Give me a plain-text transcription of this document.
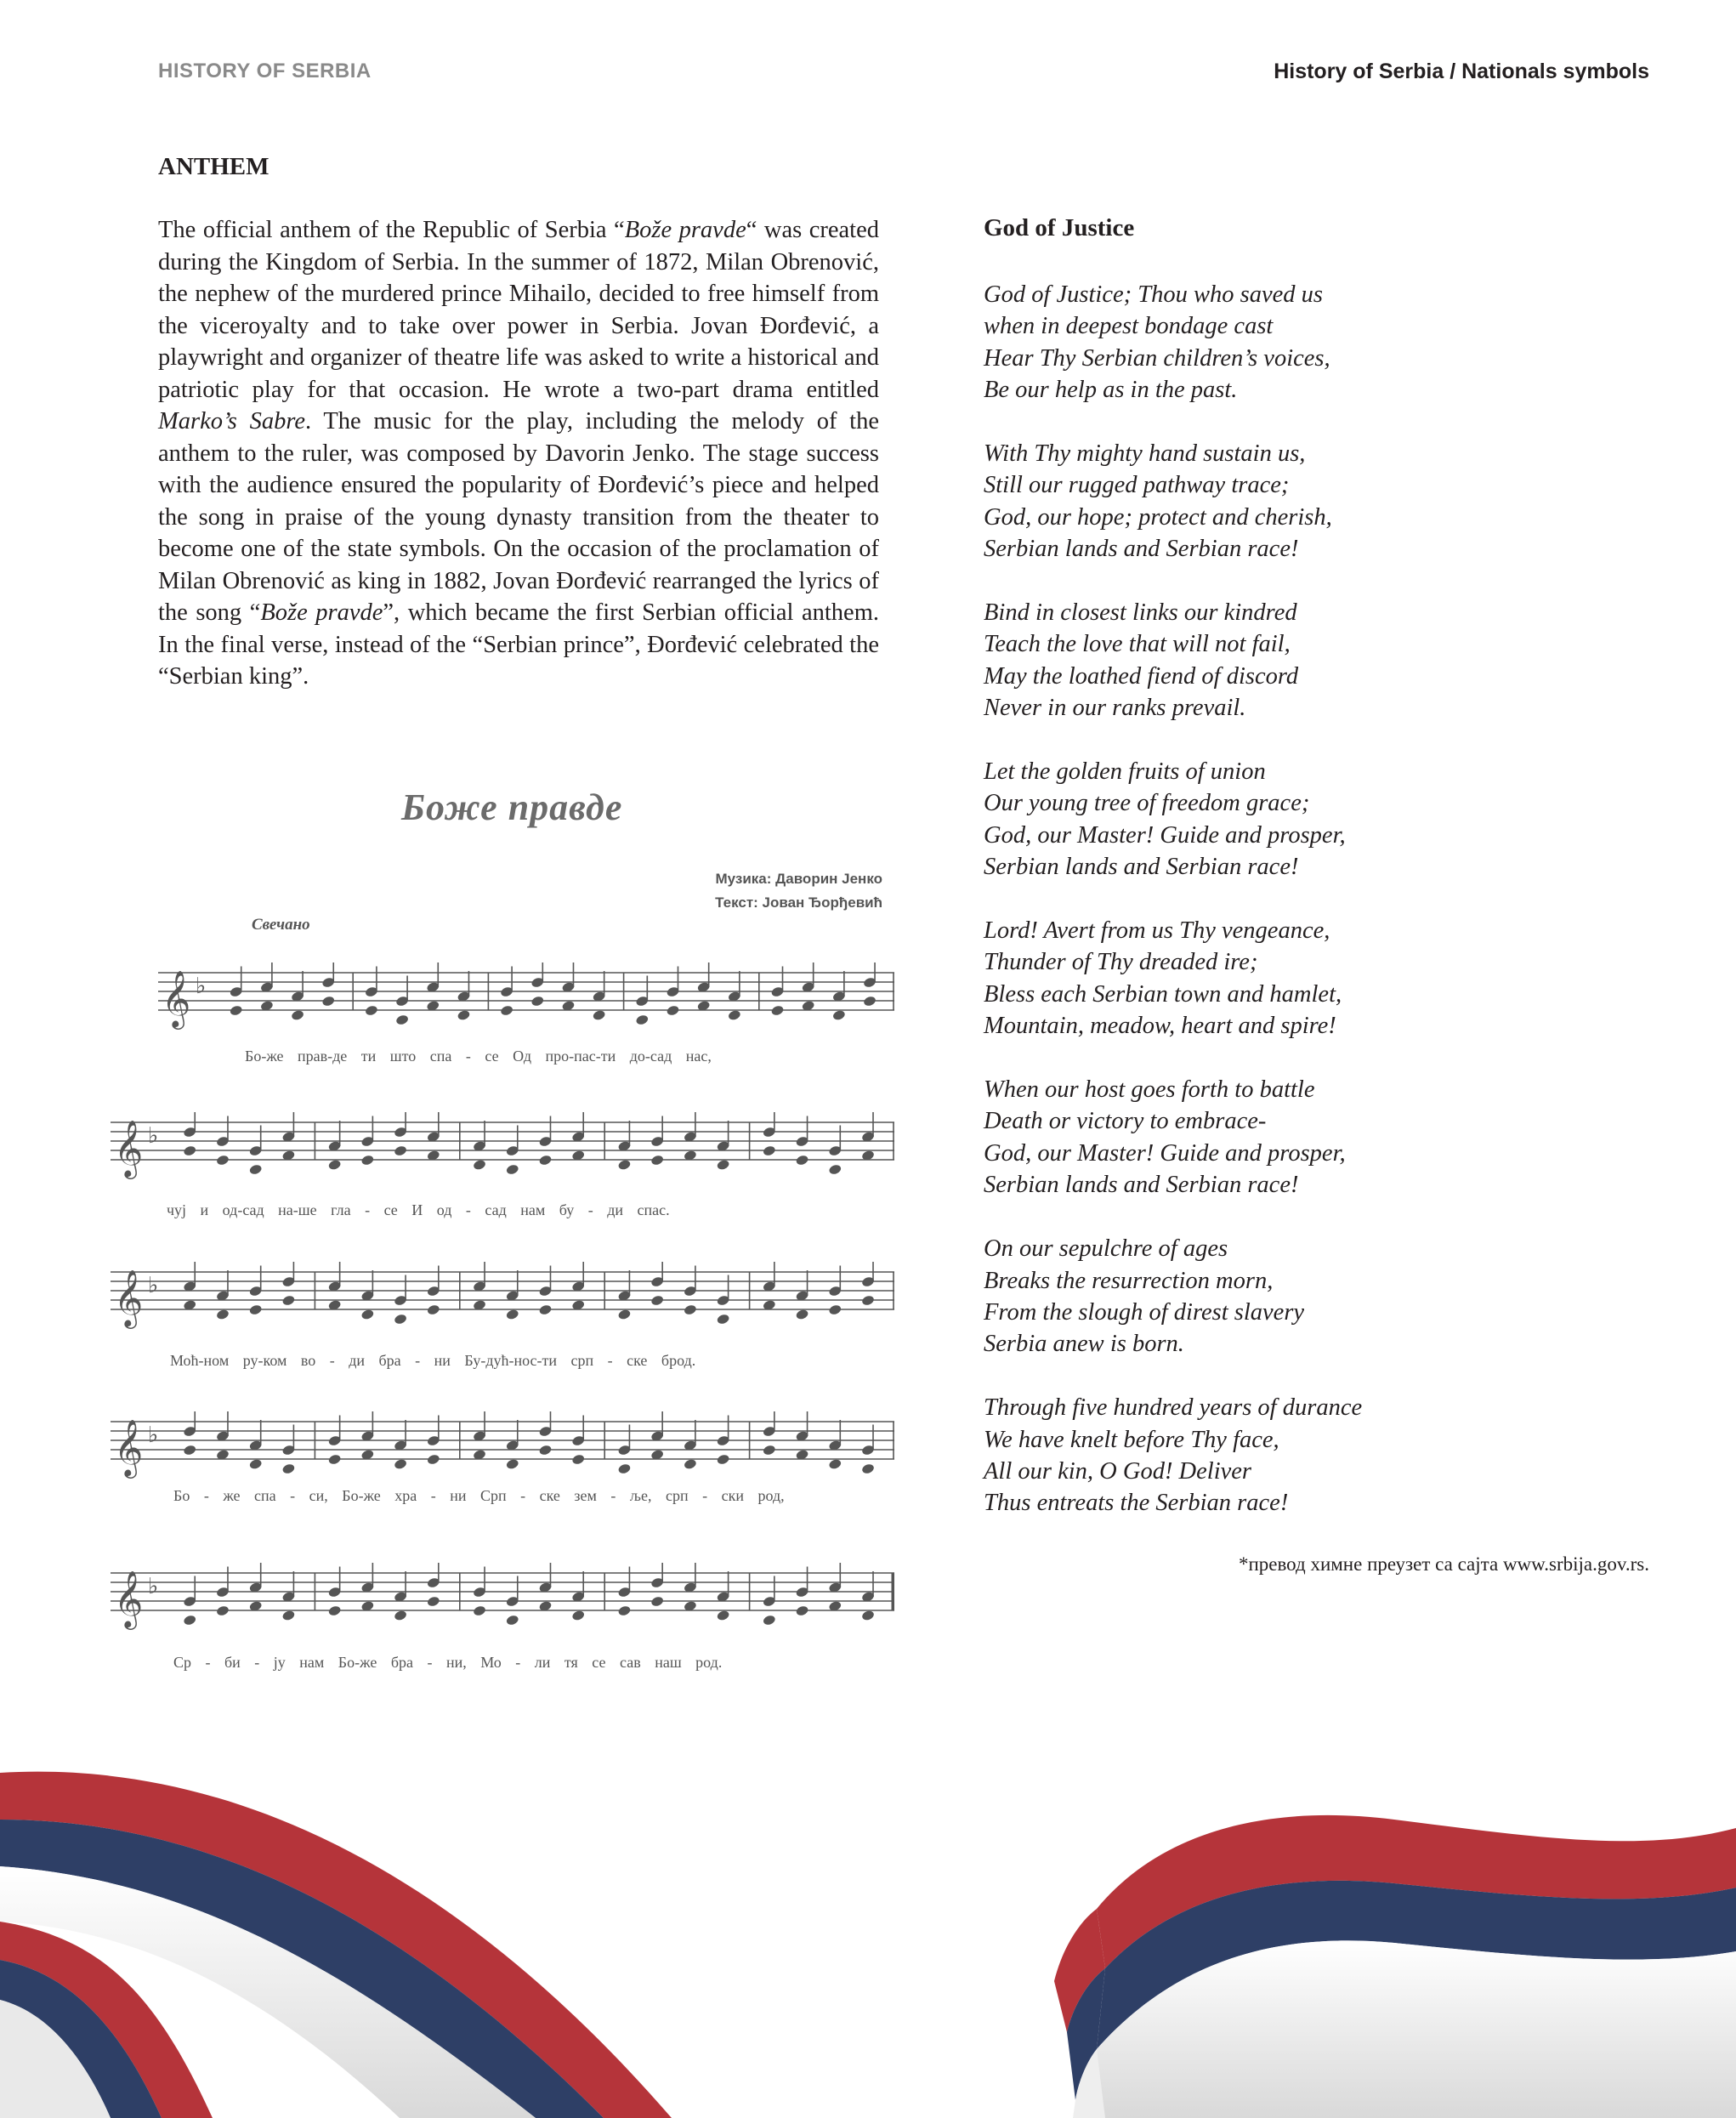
HISTORY OF SERBIA	History of Serbia / Nationals symbols
ANTHEM

The official anthem of the Republic of Serbia “Bože pravde“ was created during the Kingdom of Serbia. In the summer of 1872, Milan Obrenović, the nephew of the murdered prince Mihailo, decided to free himself from the viceroyalty and to take over power in Serbia. Jovan Đorđević, a playwright and organizer of theatre life was asked to write a historical and patriotic play for that occasion. He wrote a two-part drama entitled Marko’s Sabre. The music for the play, including the melody of the anthem to the ruler, was composed by Davorin Jenko. The stage success with the audience ensured the popularity of Đorđević’s piece and helped the song in praise of the young dynasty transition from the theater to become one of the state symbols. On the occasion of the proclamation of Milan Obrenović as king in 1882, Jovan Đorđević rearranged the lyrics of the song “Bože pravde”, which became the first Serbian official anthem. In the final verse, instead of the “Serbian prince”, Đorđević celebrated the “Serbian king”.

Боже правде
Музика: Даворин Јенко
Текст: Јован Ђорђевић
Свечано
𝄞 ♭
Бо-же прав-де ти што спа - се Од про-пас-ти до-сад нас,
𝄞 ♭
чуј и од-сад на-ше гла - се И од - сад нам бу - ди спас.
𝄞 ♭
Моћ-ном ру-ком во - ди бра - ни Бу-дућ-нос-ти срп - ске брод.
𝄞 ♭
Бо - же спа - си, Бо-же хра - ни Срп - ске зем - ље, срп - ски род,
𝄞 ♭
Ср - би - ју нам Бо-же бра - ни, Мо - ли тя се сав наш род.
God of Justice
God of Justice; Thou who saved us
when in deepest bondage cast
Hear Thy Serbian children’s voices,
Be our help as in the past.
With Thy mighty hand sustain us,
Still our rugged pathway trace;
God, our hope; protect and cherish,
Serbian lands and Serbian race!
Bind in closest links our kindred
Teach the love that will not fail,
May the loathed fiend of discord
Never in our ranks prevail.
Let the golden fruits of union
Our young tree of freedom grace;
God, our Master! Guide and prosper,
Serbian lands and Serbian race!
Lord! Avert from us Thy vengeance,
Thunder of Thy dreaded ire;
Bless each Serbian town and hamlet,
Mountain, meadow, heart and spire!
When our host goes forth to battle
Death or victory to embrace-
God, our Master! Guide and prosper,
Serbian lands and Serbian race!
On our sepulchre of ages
Breaks the resurrection morn,
From the slough of direst slavery
Serbia anew is born.
Through five hundred years of durance
We have knelt before Thy face,
All our kin, O God! Deliver
Thus entreats the Serbian race!
*превод химне преузет са сајта www.srbija.gov.rs.
